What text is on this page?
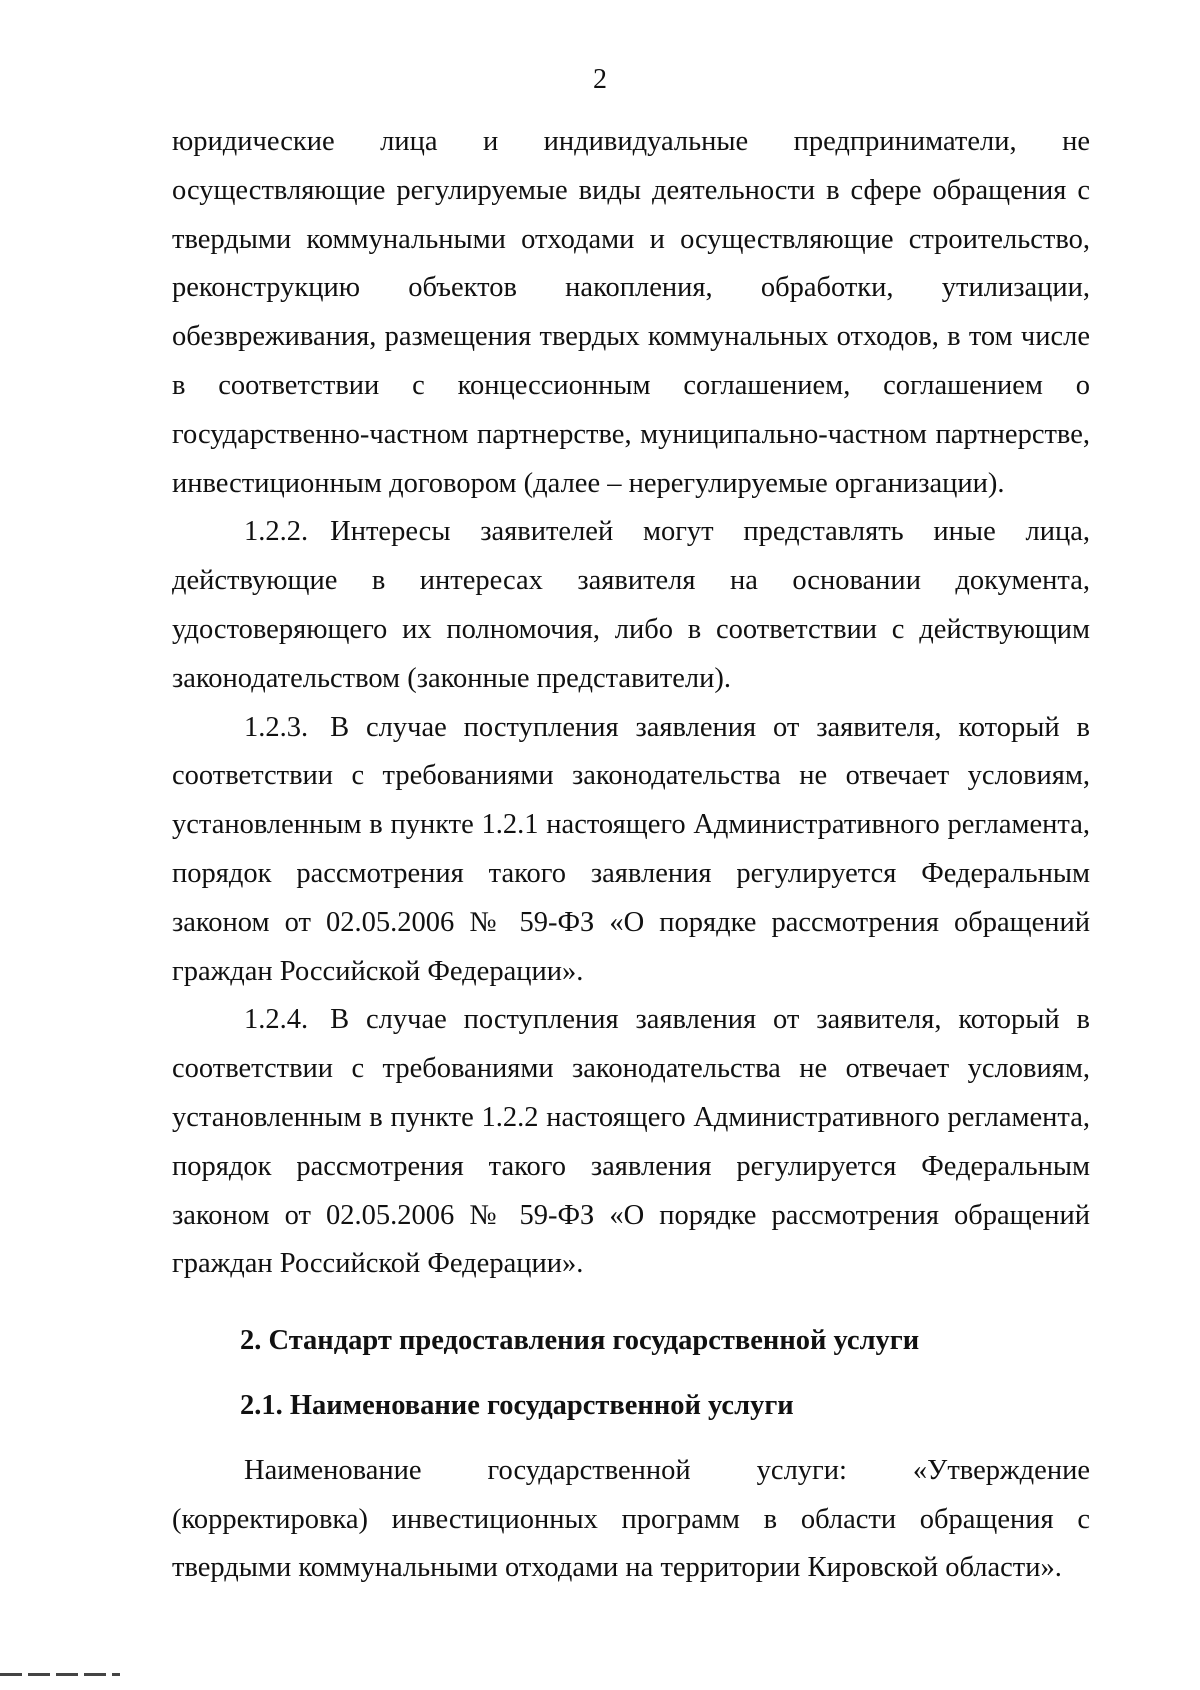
2

юридические лица и индивидуальные предприниматели, не осуществляющие регулируемые виды деятельности в сфере обращения с твердыми коммунальными отходами и осуществляющие строительство, реконструкцию объектов накопления, обработки, утилизации, обезвреживания, размещения твердых коммунальных отходов, в том числе в соответствии с концессионным соглашением, соглашением о государственно-частном партнерстве, муниципально-частном партнерстве, инвестиционным договором (далее – нерегулируемые организации).

1.2.2. Интересы заявителей могут представлять иные лица, действующие в интересах заявителя на основании документа, удостоверяющего их полномочия, либо в соответствии с действующим законодательством (законные представители).

1.2.3. В случае поступления заявления от заявителя, который в соответствии с требованиями законодательства не отвечает условиям, установленным в пункте 1.2.1 настоящего Административного регламента, порядок рассмотрения такого заявления регулируется Федеральным законом от 02.05.2006 № 59-ФЗ «О порядке рассмотрения обращений граждан Российской Федерации».

1.2.4. В случае поступления заявления от заявителя, который в соответствии с требованиями законодательства не отвечает условиям, установленным в пункте 1.2.2 настоящего Административного регламента, порядок рассмотрения такого заявления регулируется Федеральным законом от 02.05.2006 № 59-ФЗ «О порядке рассмотрения обращений граждан Российской Федерации».

2. Стандарт предоставления государственной услуги

2.1. Наименование государственной услуги

Наименование государственной услуги: «Утверждение (корректировка) инвестиционных программ в области обращения с твердыми коммунальными отходами на территории Кировской области».
